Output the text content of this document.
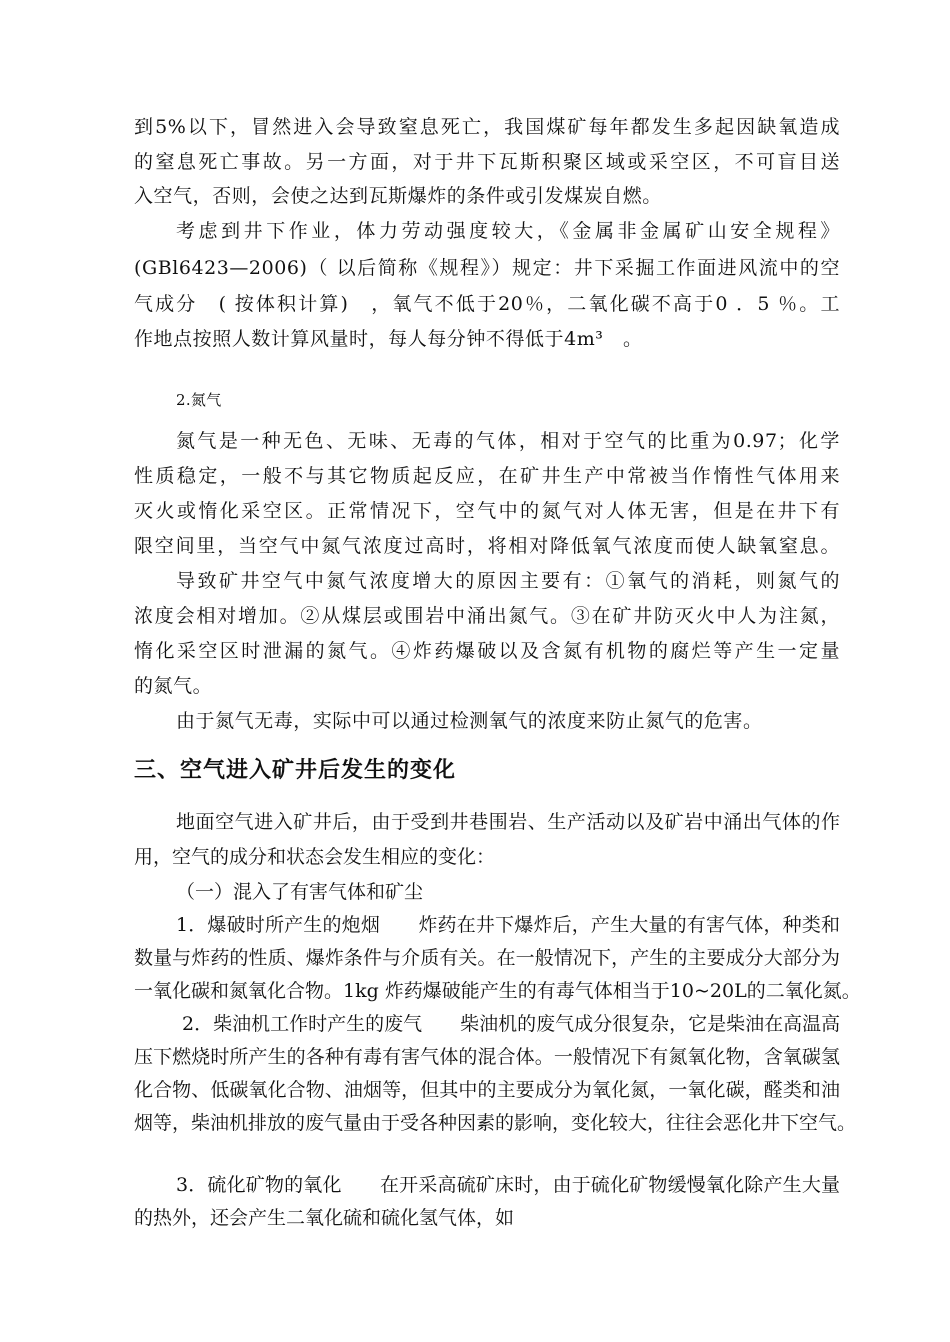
到5%以下，冒然进入会导致窒息死亡，我国煤矿每年都发生多起因缺氧造成
的窒息死亡事故。另一方面，对于井下瓦斯积聚区域或采空区，不可盲目送
入空气，否则，会使之达到瓦斯爆炸的条件或引发煤炭自燃。
考虑到井下作业，体力劳动强度较大，《金属非金属矿山安全规程》
(GBl6423—2006)（ 以后简称《规程》）规定：井下采掘工作面进风流中的空
气成分　( 按体积计算)　，氧气不低于20％，二氧化碳不高于0 ．5 ％。工
作地点按照人数计算风量时，每人每分钟不得低于4m³　。
2.氮气
氮气是一种无色、无味、无毒的气体，相对于空气的比重为0.97；化学
性质稳定，一般不与其它物质起反应，在矿井生产中常被当作惰性气体用来
灭火或惰化采空区。正常情况下，空气中的氮气对人体无害，但是在井下有
限空间里，当空气中氮气浓度过高时，将相对降低氧气浓度而使人缺氧窒息。
导致矿井空气中氮气浓度增大的原因主要有：①氧气的消耗，则氮气的
浓度会相对增加。②从煤层或围岩中涌出氮气。③在矿井防灭火中人为注氮，
惰化采空区时泄漏的氮气。④炸药爆破以及含氮有机物的腐烂等产生一定量
的氮气。
由于氮气无毒，实际中可以通过检测氧气的浓度来防止氮气的危害。
三、空气进入矿井后发生的变化
地面空气进入矿井后，由于受到井巷围岩、生产活动以及矿岩中涌出气体的作
用，空气的成分和状态会发生相应的变化：
（一）混入了有害气体和矿尘
1．爆破时所产生的炮烟　　炸药在井下爆炸后，产生大量的有害气体，种类和
数量与炸药的性质、爆炸条件与介质有关。在一般情况下，产生的主要成分大部分为
一氧化碳和氮氧化合物。1kg 炸药爆破能产生的有毒气体相当于10~20L的二氧化氮。
2．柴油机工作时产生的废气　　柴油机的废气成分很复杂，它是柴油在高温高
压下燃烧时所产生的各种有毒有害气体的混合体。一般情况下有氮氧化物，含氧碳氢
化合物、低碳氧化合物、油烟等，但其中的主要成分为氧化氮，一氧化碳，醛类和油
烟等，柴油机排放的废气量由于受各种因素的影响，变化较大，往往会恶化井下空气。
3．硫化矿物的氧化　　在开采高硫矿床时，由于硫化矿物缓慢氧化除产生大量
的热外，还会产生二氧化硫和硫化氢气体，如
